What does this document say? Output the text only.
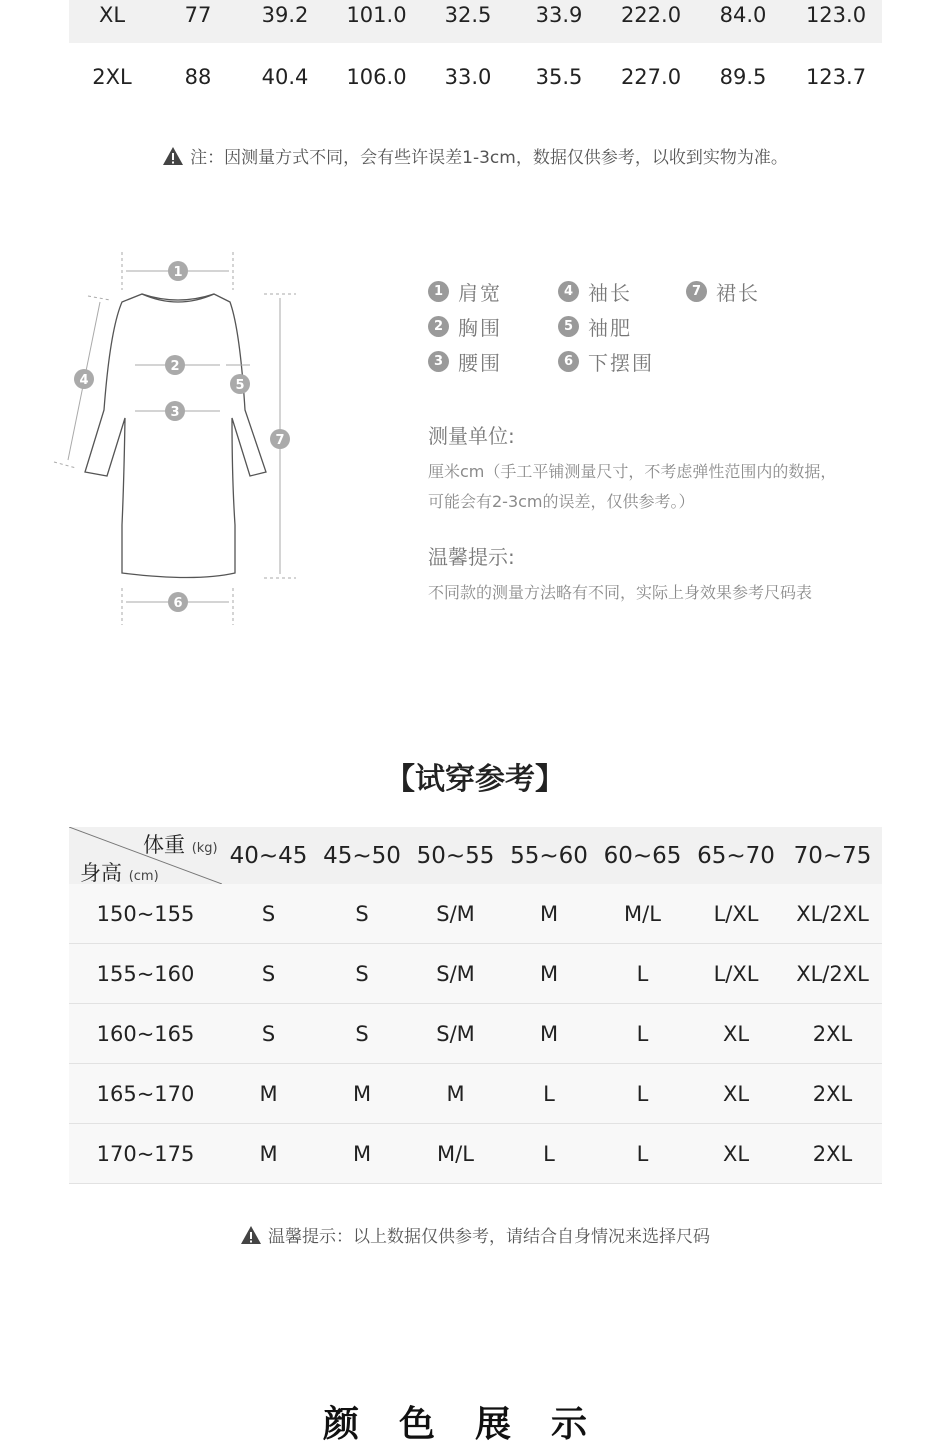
XL	77	39.2	101.0	32.5	33.9	222.0	84.0	123.0
2XL	88	40.4	106.0	33.0	35.5	227.0	89.5	123.7
注：因测量方式不同，会有些许误差1-3cm，数据仅供参考，以收到实物为准。
1
2
3
4	5
6
7
1 肩宽	4 袖长	7 裙长
2 胸围	5 袖肥
3 腰围	6 下摆围
测量单位:
厘米cm（手工平铺测量尺寸，不考虑弹性范围内的数据，
可能会有2-3cm的误差，仅供参考。）
温馨提示:
不同款的测量方法略有不同，实际上身效果参考尺码表
【试穿参考】
体重 (kg)
身高 (cm)
40~45 45~50 50~55 55~60 60~65 65~70 70~75
150~155	S	S	S/M	M	M/L	L/XL	XL/2XL
155~160	S	S	S/M	M	L	L/XL	XL/2XL
160~165	S	S	S/M	M	L	XL	2XL
165~170	M	M	M	L	L	XL	2XL
170~175	M	M	M/L	L	L	XL	2XL
温馨提示：以上数据仅供参考，请结合自身情况来选择尺码
颜色展示
